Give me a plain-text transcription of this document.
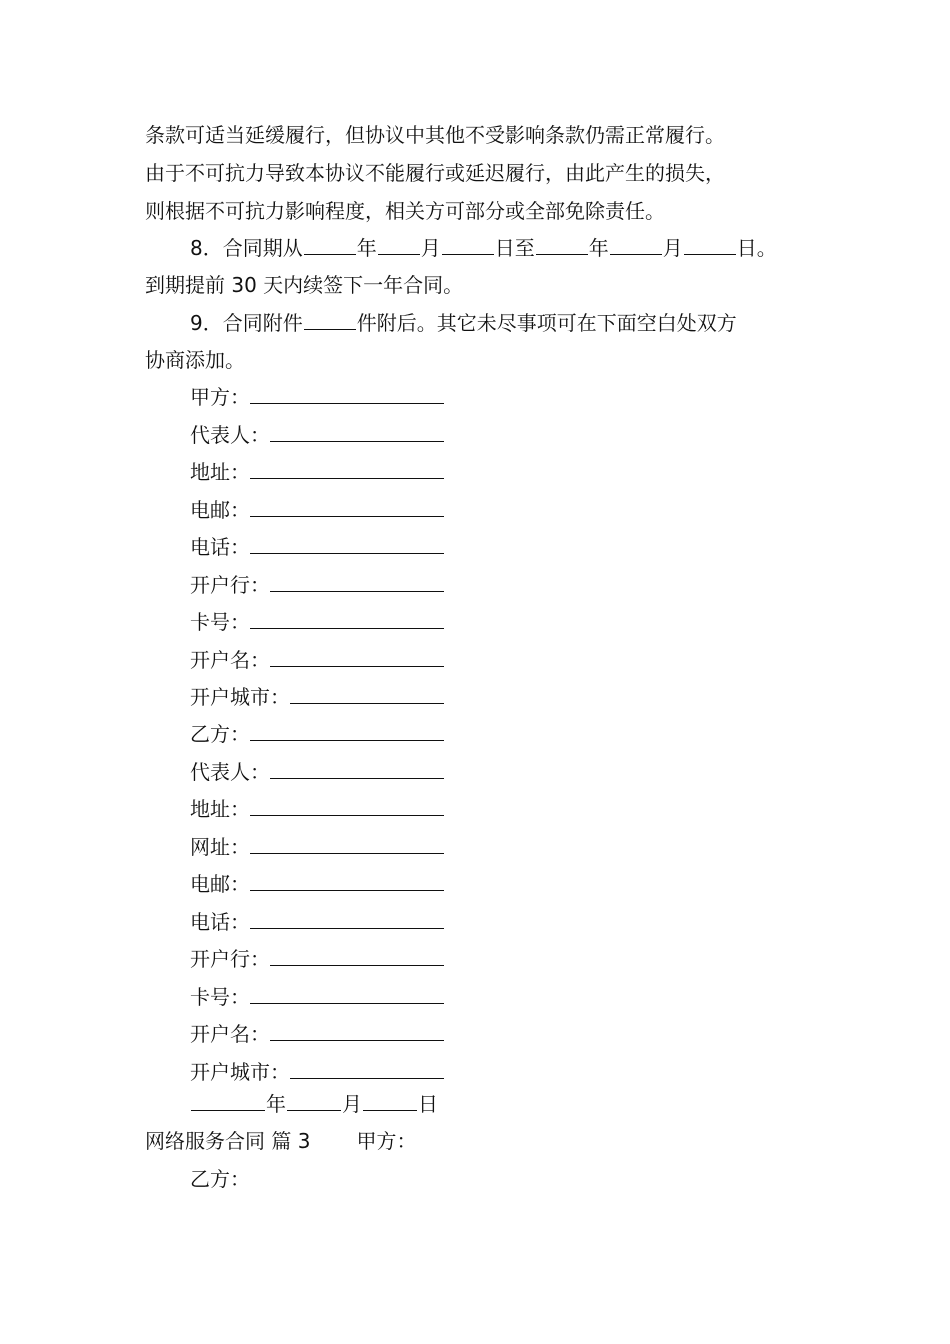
条款可适当延缓履行，但协议中其他不受影响条款仍需正常履行。
由于不可抗力导致本协议不能履行或延迟履行，由此产生的损失，
则根据不可抗力影响程度，相关方可部分或全部免除责任。
8．合同期从	年 月	日至	年	月	日。
到期提前 30 天内续签下一年合同。
9．合同附件	件附后。其它未尽事项可在下面空白处双方
协商添加。
甲方：
代表人：
地址：
电邮：
电话：
开户行：
卡号：
开户名：
开户城市：
乙方：
代表人：
地址：
网址：
电邮：
电话：
开户行：
卡号：
开户名：
开户城市：
年	月	日
网络服务合同 篇 3 甲方：
乙方：
